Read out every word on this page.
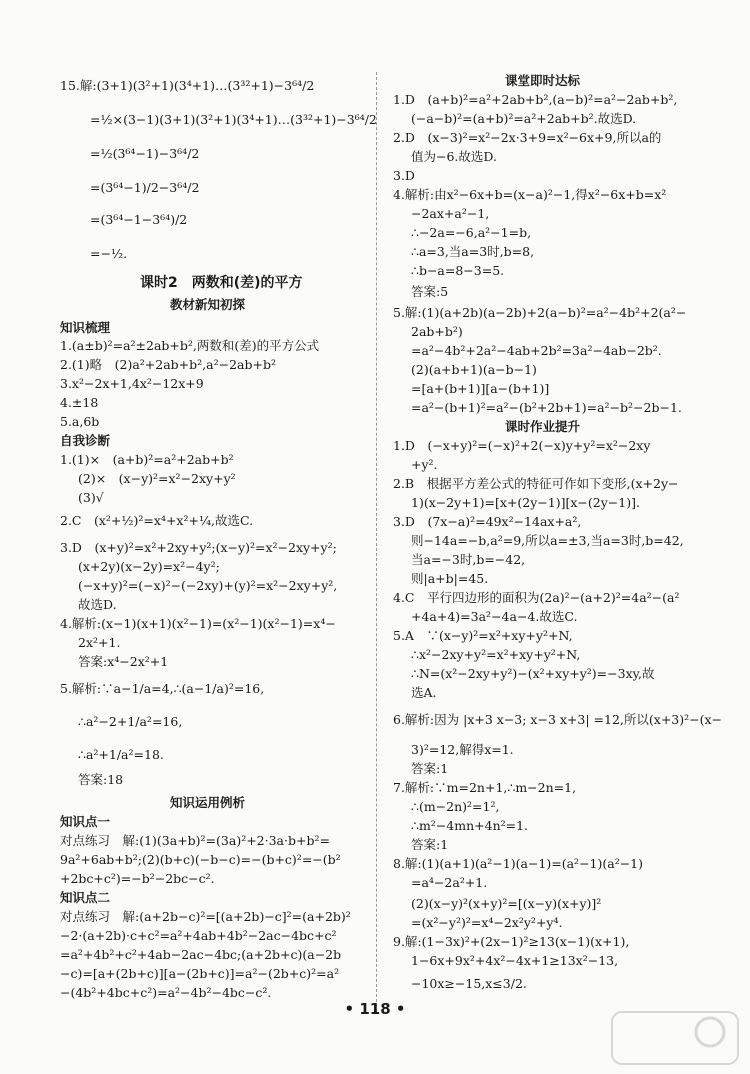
15.解:(3+1)(3²+1)(3⁴+1)…(3³²+1)−3⁶⁴/2
=½×(3−1)(3+1)(3²+1)(3⁴+1)…(3³²+1)−3⁶⁴/2
=½(3⁶⁴−1)−3⁶⁴/2
=(3⁶⁴−1)/2−3⁶⁴/2
=(3⁶⁴−1−3⁶⁴)/2
=−½.
课时2　两数和(差)的平方
教材新知初探
知识梳理
1.(a±b)²=a²±2ab+b²,两数和(差)的平方公式
2.(1)略　(2)a²+2ab+b²,a²−2ab+b²
3.x²−2x+1,4x²−12x+9
4.±18
5.a,6b
自我诊断
1.(1)×　(a+b)²=a²+2ab+b²
(2)×　(x−y)²=x²−2xy+y²
(3)√
2.C　(x²+½)²=x⁴+x²+¼,故选C.
3.D　(x+y)²=x²+2xy+y²;(x−y)²=x²−2xy+y²;
(x+2y)(x−2y)=x²−4y²;
(−x+y)²=(−x)²−(−2xy)+(y)²=x²−2xy+y²,
故选D.
4.解析:(x−1)(x+1)(x²−1)=(x²−1)(x²−1)=x⁴−
2x²+1.
答案:x⁴−2x²+1
5.解析:∵a−1/a=4,∴(a−1/a)²=16,
∴a²−2+1/a²=16,
∴a²+1/a²=18.
答案:18
知识运用例析
知识点一
对点练习　解:(1)(3a+b)²=(3a)²+2·3a·b+b²=
9a²+6ab+b²;(2)(b+c)(−b−c)=−(b+c)²=−(b²
+2bc+c²)=−b²−2bc−c².
知识点二
对点练习　解:(a+2b−c)²=[(a+2b)−c]²=(a+2b)²
−2·(a+2b)·c+c²=a²+4ab+4b²−2ac−4bc+c²
=a²+4b²+c²+4ab−2ac−4bc;(a+2b+c)(a−2b
−c)=[a+(2b+c)][a−(2b+c)]=a²−(2b+c)²=a²
−(4b²+4bc+c²)=a²−4b²−4bc−c².
课堂即时达标
1.D　(a+b)²=a²+2ab+b²,(a−b)²=a²−2ab+b²,
(−a−b)²=(a+b)²=a²+2ab+b².故选D.
2.D　(x−3)²=x²−2x·3+9=x²−6x+9,所以a的
值为−6.故选D.
3.D
4.解析:由x²−6x+b=(x−a)²−1,得x²−6x+b=x²
−2ax+a²−1,
∴−2a=−6,a²−1=b,
∴a=3,当a=3时,b=8,
∴b−a=8−3=5.
答案:5
5.解:(1)(a+2b)(a−2b)+2(a−b)²=a²−4b²+2(a²−
2ab+b²)
=a²−4b²+2a²−4ab+2b²=3a²−4ab−2b².
(2)(a+b+1)(a−b−1)
=[a+(b+1)][a−(b+1)]
=a²−(b+1)²=a²−(b²+2b+1)=a²−b²−2b−1.
课时作业提升
1.D　(−x+y)²=(−x)²+2(−x)y+y²=x²−2xy
+y².
2.B　根据平方差公式的特征可作如下变形,(x+2y−
1)(x−2y+1)=[x+(2y−1)][x−(2y−1)].
3.D　(7x−a)²=49x²−14ax+a²,
则−14a=−b,a²=9,所以a=±3,当a=3时,b=42,
当a=−3时,b=−42,
则|a+b|=45.
4.C　平行四边形的面积为(2a)²−(a+2)²=4a²−(a²
+4a+4)=3a²−4a−4.故选C.
5.A　∵(x−y)²=x²+xy+y²+N,
∴x²−2xy+y²=x²+xy+y²+N,
∴N=(x²−2xy+y²)−(x²+xy+y²)=−3xy,故
选A.
6.解析:因为 |x+3 x−3; x−3 x+3| =12,所以(x+3)²−(x−
3)²=12,解得x=1.
答案:1
7.解析:∵m=2n+1,∴m−2n=1,
∴(m−2n)²=1²,
∴m²−4mn+4n²=1.
答案:1
8.解:(1)(a+1)(a²−1)(a−1)=(a²−1)(a²−1)
=a⁴−2a²+1.
(2)(x−y)²(x+y)²=[(x−y)(x+y)]²
=(x²−y²)²=x⁴−2x²y²+y⁴.
9.解:(1−3x)²+(2x−1)²≥13(x−1)(x+1),
1−6x+9x²+4x²−4x+1≥13x²−13,
−10x≥−15,x≤3/2.
• 118 •
